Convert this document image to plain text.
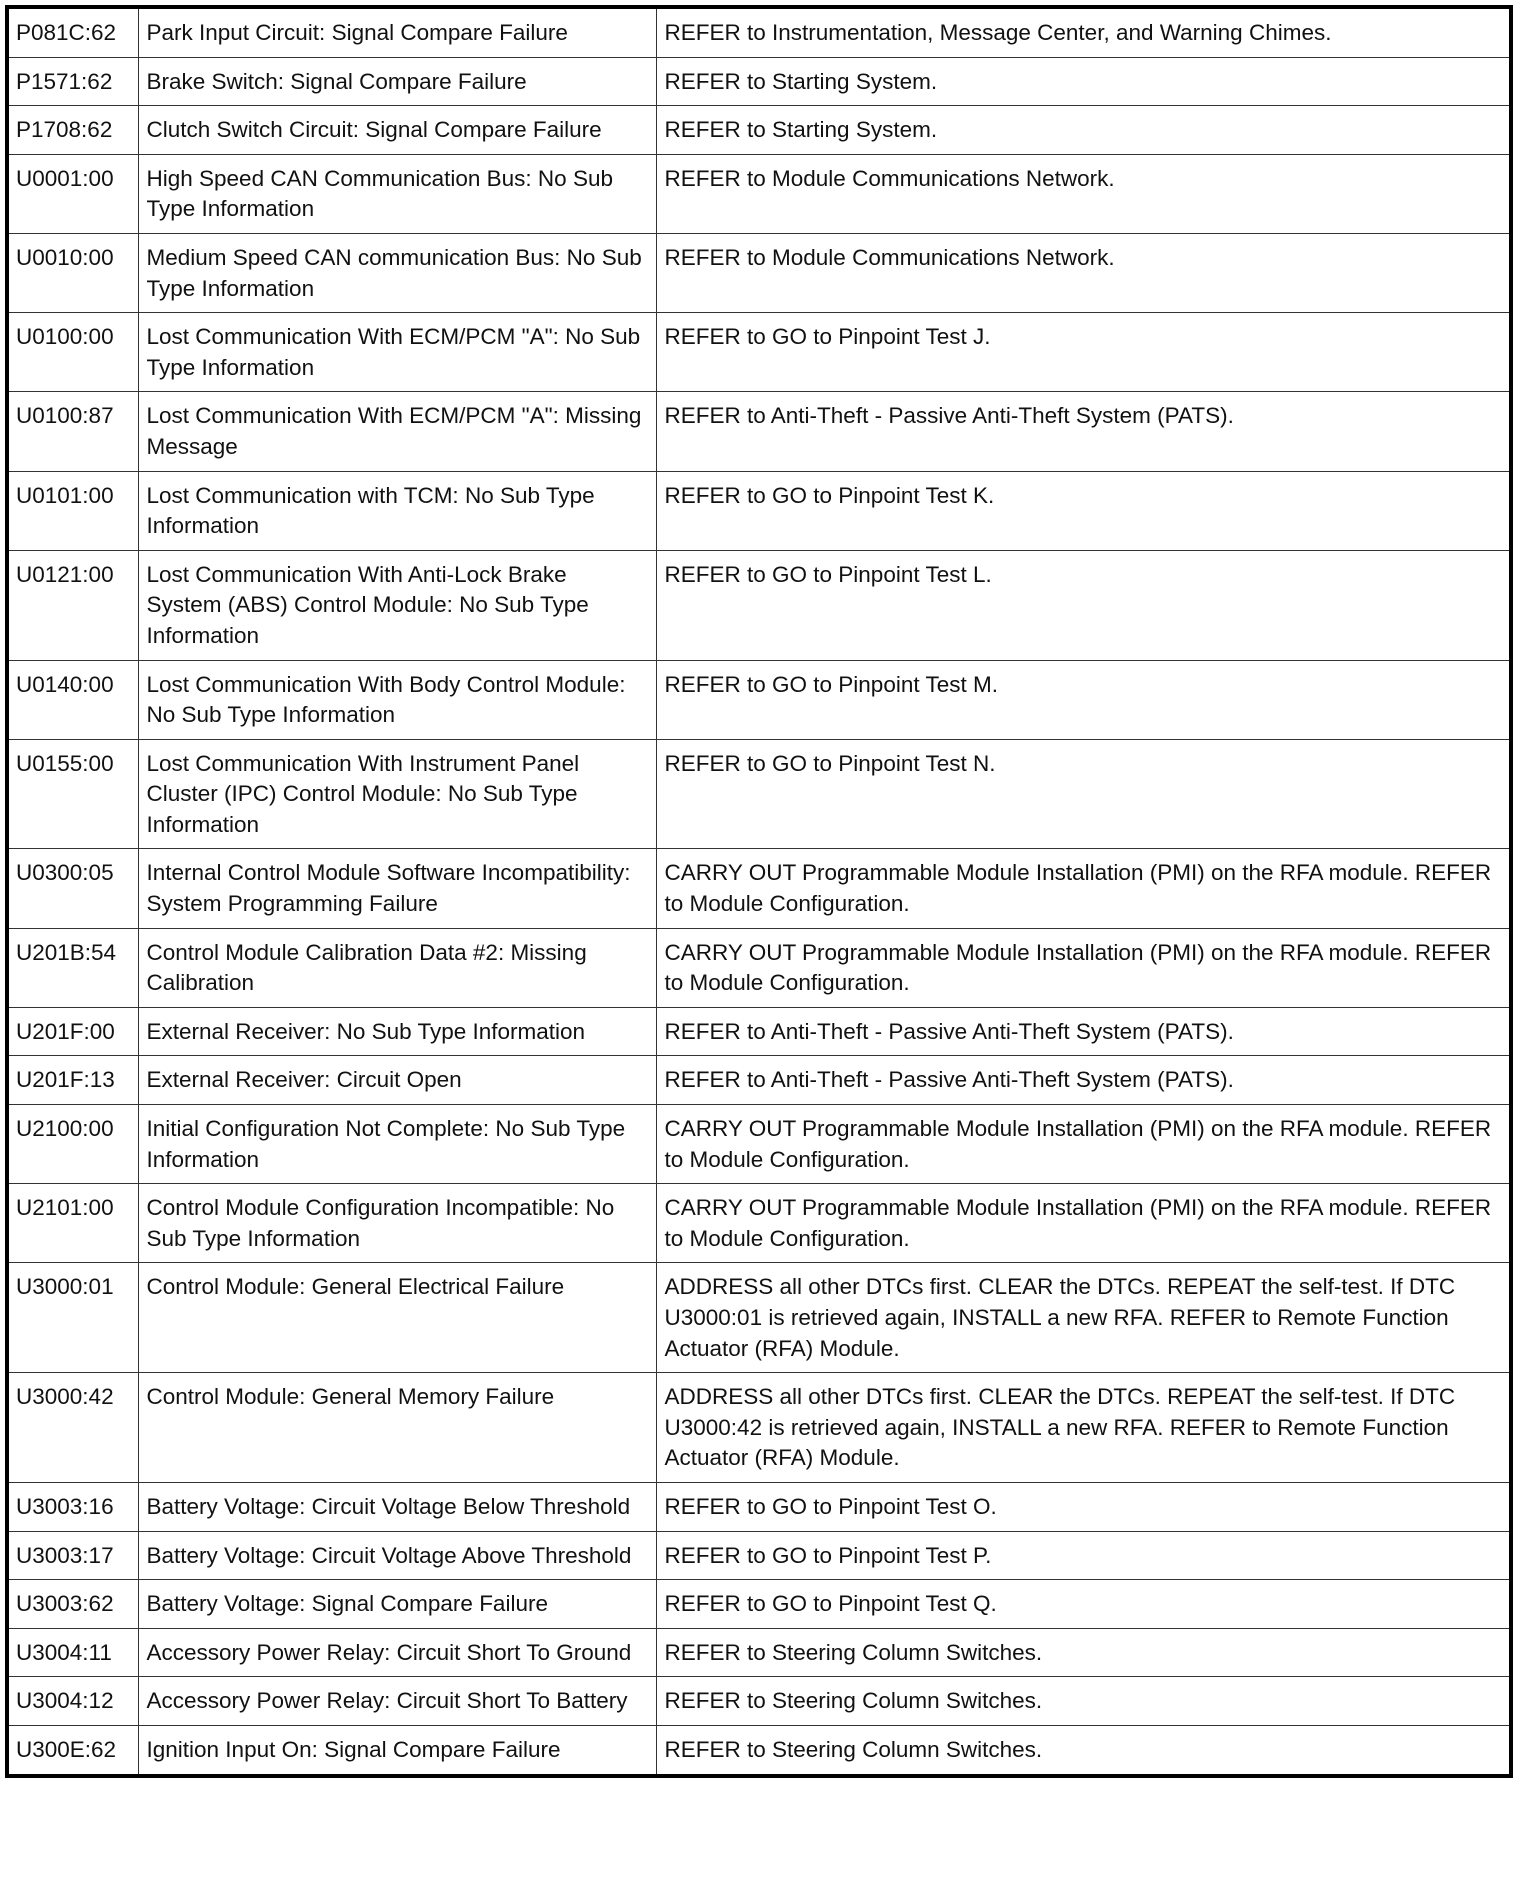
P081C:62	Park Input Circuit: Signal Compare Failure	REFER to Instrumentation, Message Center, and Warning Chimes.
P1571:62	Brake Switch: Signal Compare Failure	REFER to Starting System.
P1708:62	Clutch Switch Circuit: Signal Compare Failure	REFER to Starting System.
U0001:00	High Speed CAN Communication Bus: No Sub Type Information	REFER to Module Communications Network.
U0010:00	Medium Speed CAN communication Bus: No Sub Type Information	REFER to Module Communications Network.
U0100:00	Lost Communication With ECM/PCM "A": No Sub Type Information	REFER to GO to Pinpoint Test J.
U0100:87	Lost Communication With ECM/PCM "A": Missing Message	REFER to Anti-Theft - Passive Anti-Theft System (PATS).
U0101:00	Lost Communication with TCM: No Sub Type Information	REFER to GO to Pinpoint Test K.
U0121:00	Lost Communication With Anti-Lock Brake System (ABS) Control Module: No Sub Type Information	REFER to GO to Pinpoint Test L.
U0140:00	Lost Communication With Body Control Module: No Sub Type Information	REFER to GO to Pinpoint Test M.
U0155:00	Lost Communication With Instrument Panel Cluster (IPC) Control Module: No Sub Type Information	REFER to GO to Pinpoint Test N.
U0300:05	Internal Control Module Software Incompatibility: System Programming Failure	CARRY OUT Programmable Module Installation (PMI) on the RFA module. REFER to Module Configuration.
U201B:54	Control Module Calibration Data #2: Missing Calibration	CARRY OUT Programmable Module Installation (PMI) on the RFA module. REFER to Module Configuration.
U201F:00	External Receiver: No Sub Type Information	REFER to Anti-Theft - Passive Anti-Theft System (PATS).
U201F:13	External Receiver: Circuit Open	REFER to Anti-Theft - Passive Anti-Theft System (PATS).
U2100:00	Initial Configuration Not Complete: No Sub Type Information	CARRY OUT Programmable Module Installation (PMI) on the RFA module. REFER to Module Configuration.
U2101:00	Control Module Configuration Incompatible: No Sub Type Information	CARRY OUT Programmable Module Installation (PMI) on the RFA module. REFER to Module Configuration.
U3000:01	Control Module: General Electrical Failure	ADDRESS all other DTCs first. CLEAR the DTCs. REPEAT the self-test. If DTC U3000:01 is retrieved again, INSTALL a new RFA. REFER to Remote Function Actuator (RFA) Module.
U3000:42	Control Module: General Memory Failure	ADDRESS all other DTCs first. CLEAR the DTCs. REPEAT the self-test. If DTC U3000:42 is retrieved again, INSTALL a new RFA. REFER to Remote Function Actuator (RFA) Module.
U3003:16	Battery Voltage: Circuit Voltage Below Threshold	REFER to GO to Pinpoint Test O.
U3003:17	Battery Voltage: Circuit Voltage Above Threshold	REFER to GO to Pinpoint Test P.
U3003:62	Battery Voltage: Signal Compare Failure	REFER to GO to Pinpoint Test Q.
U3004:11	Accessory Power Relay: Circuit Short To Ground	REFER to Steering Column Switches.
U3004:12	Accessory Power Relay: Circuit Short To Battery	REFER to Steering Column Switches.
U300E:62	Ignition Input On: Signal Compare Failure	REFER to Steering Column Switches.
